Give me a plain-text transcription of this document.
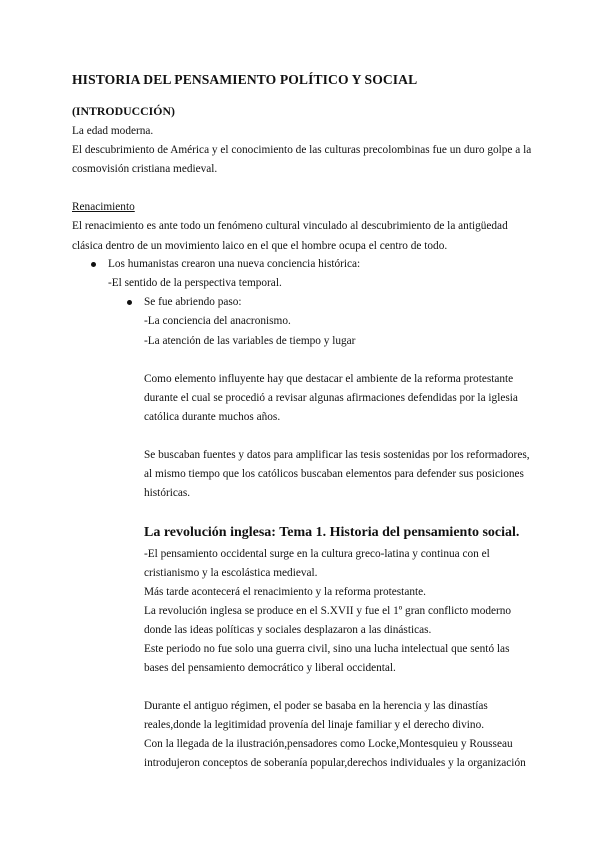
HISTORIA DEL PENSAMIENTO POLÍTICO Y SOCIAL
(INTRODUCCIÓN)

La edad moderna.

El descubrimiento de América y el conocimiento de las culturas precolombinas fue un duro golpe a la

cosmovisión cristiana medieval.

Renacimiento

El renacimiento es ante todo un fenómeno cultural vinculado al descubrimiento de la antigüedad

clásica dentro de un movimiento laico en el que el hombre ocupa el centro de todo.

Los humanistas crearon una nueva conciencia histórica:

-El sentido de la perspectiva temporal.

Se fue abriendo paso:

-La conciencia del anacronismo.

-La atención de las variables de tiempo y lugar

Como elemento influyente hay que destacar el ambiente de la reforma protestante

durante el cual se procedió a revisar algunas afirmaciones defendidas por la iglesia

católica durante muchos años.

Se buscaban fuentes y datos para amplificar las tesis sostenidas por los reformadores,

al mismo tiempo que los católicos buscaban elementos para defender sus posiciones

históricas.

La revolución inglesa: Tema 1. Historia del pensamiento social.

-El pensamiento occidental surge en la cultura greco-latina y continua con el

cristianismo y la escolástica medieval.

Más tarde acontecerá el renacimiento y la reforma protestante.

La revolución inglesa se produce en el S.XVII y fue el 1º gran conflicto moderno

donde las ideas políticas y sociales desplazaron a las dinásticas.

Este periodo no fue solo una guerra civil, sino una lucha intelectual que sentó las

bases del pensamiento democrático y liberal occidental.

Durante el antiguo régimen, el poder se basaba en la herencia y las dinastías

reales,donde la legitimidad provenía del linaje familiar y el derecho divino.

Con la llegada de la ilustración,pensadores como Locke,Montesquieu y Rousseau

introdujeron conceptos de soberanía popular,derechos individuales y la organización
